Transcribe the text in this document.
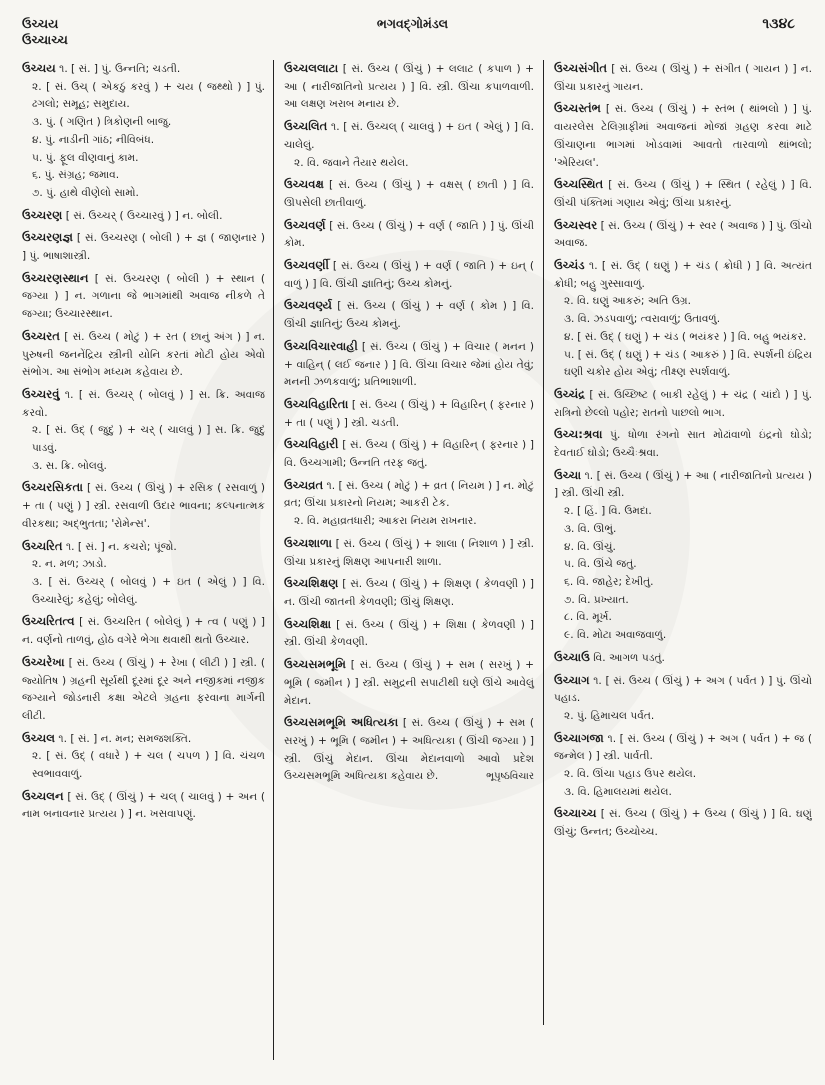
ઉચ્ચય
ઉચ્ચાચ્ચ
ભગવદ્ગોમંડલ	૧૩૪૮
ઉચ્ચય ૧. [ સં. ] પું. ઉન્નતિ; ચડતી.
૨. [ સં. ઉચ્ ( એકઠું કરવું ) + ચય ( જથ્થો ) ] પું. ઢગલો; સમૂહ; સમુદાય.
૩. પું. ( ગણિત ) ત્રિકોણની બાજુ.
૪. પું. નાડીની ગાંઠ; નીવિબંધ.
૫. પું. ફૂલ વીણવાનું કામ.
૬. પું. સંગ્રહ; જમાવ.
૭. પું. હાથે વીણેલો સામો.
ઉચ્ચરણ [ સં. ઉચ્ચર્ ( ઉચ્ચારવું ) ] ન. બોલી.
ઉચ્ચરણજ્ઞ [ સં. ઉચ્ચરણ ( બોલી ) + જ્ઞ ( જાણનાર ) ] પું. ભાષાશાસ્ત્રી.
ઉચ્ચરણસ્થાન [ સં. ઉચ્ચરણ ( બોલી ) + સ્થાન ( જગ્યા ) ] ન. ગળાના જે ભાગમાંથી અવાજ નીકળે તે જગ્યા; ઉચ્ચારસ્થાન.
ઉચ્ચરત [ સં. ઉચ્ચ ( મોટું ) + રત ( છાનું અંગ ) ] ન. પુરુષની જનનેંદ્રિય સ્ત્રીની યોનિ કરતાં મોટી હોય એવો સંભોગ. આ સંભોગ મધ્યમ કહેવાય છે.
ઉચ્ચરવું ૧. [ સં. ઉચ્ચર્ ( બોલવું ) ] સ. ક્રિ. અવાજ કરવો.
૨. [ સં. ઉદ્ ( જુદું ) + ચર્ ( ચાલવું ) ] સ. ક્રિ. જુદું પાડવું.
૩. સ. ક્રિ. બોલવું.
ઉચ્ચરસિકતા [ સં. ઉચ્ચ ( ઊંચું ) + રસિક ( રસવાળું ) + તા ( પણું ) ] સ્ત્રી. રસવાળી ઉદાર ભાવના; કલ્પનાત્મક વીરકથા; અદ્ભુતતા; 'રોમેન્સ'.
ઉચ્ચરિત ૧. [ સં. ] ન. કચરો; પૂંજો.
૨. ન. મળ; ઝાડો.
૩. [ સં. ઉચ્ચર્ ( બોલવું ) + ઇત ( એલું ) ] વિ. ઉચ્ચારેલું; કહેલું; બોલેલું.
ઉચ્ચરિતત્વ [ સં. ઉચ્ચરિત ( બોલેલું ) + ત્વ ( પણું ) ] ન. વર્ણનો તાળવું, હોઠ વગેરે ભેગા થવાથી થતો ઉચ્ચાર.
ઉચ્ચરેખા [ સં. ઉચ્ચ ( ઊંચું ) + રેખા ( લીટી ) ] સ્ત્રી. ( જ્યોતિષ ) ગ્રહની સૂર્યથી દૂરમાં દૂર અને નજીકમાં નજીક જગ્યાને જોડનારી કક્ષા એટલે ગ્રહના ફરવાના માર્ગની લીટી.
ઉચ્ચલ ૧. [ સં. ] ન. મન; સમજશક્તિ.
૨. [ સં. ઉદ્ ( વધારે ) + ચલ ( ચપળ ) ] વિ. ચંચળ સ્વભાવવાળું.
ઉચ્ચલન [ સં. ઉદ્ ( ઊંચું ) + ચલ્ ( ચાલવું ) + અન ( નામ બનાવનાર પ્રત્યય ) ] ન. ખસવાપણું.
ઉચ્ચલલાટા [ સં. ઉચ્ચ ( ઊંચું ) + લલાટ ( કપાળ ) + આ ( નારીજાતિનો પ્રત્યય ) ] વિ. સ્ત્રી. ઊંચા કપાળવાળી. આ લક્ષણ ખરાબ મનાય છે.
ઉચ્ચલિત ૧. [ સં. ઉચ્ચલ્ ( ચાલવું ) + ઇત ( એલું ) ] વિ. ચાલેલું.
૨. વિ. જવાને તૈયાર થયેલ.
ઉચ્ચવક્ષ [ સં. ઉચ્ચ ( ઊંચું ) + વક્ષસ્ ( છાતી ) ] વિ. ઊપસેલી છાતીવાળું.
ઉચ્ચવર્ણ [ સં. ઉચ્ચ ( ઊંચું ) + વર્ણ ( જાતિ ) ] પું. ઊંચી કોમ.
ઉચ્ચવર્ણી [ સં. ઉચ્ચ ( ઊંચું ) + વર્ણ ( જાતિ ) + ઇન્ ( વાળું ) ] વિ. ઊંચી જ્ઞાતિનું; ઉચ્ચ કોમનું.
ઉચ્ચવર્ણ્ય [ સં. ઉચ્ચ ( ઊંચું ) + વર્ણ ( કોમ ) ] વિ. ઊંચી જ્ઞાતિનું; ઉચ્ચ કોમનું.
ઉચ્ચવિચારવાહી [ સં. ઉચ્ચ ( ઊંચું ) + વિચાર ( મનન ) + વાહિન્ ( લઈ જનાર ) ] વિ. ઊંચા વિચાર જેમાં હોય તેવું; મનની ઝળકવાળું; પ્રતિભાશાળી.
ઉચ્ચવિહારિતા [ સં. ઉચ્ચ ( ઊંચું ) + વિહારિન્ ( ફરનાર ) + તા ( પણું ) ] સ્ત્રી. ચડતી.
ઉચ્ચવિહારી [ સં. ઉચ્ચ ( ઊંચું ) + વિહારિન્ ( ફરનાર ) ] વિ. ઉચ્ચગામી; ઉન્નતિ તરફ જતું.
ઉચ્ચવ્રત ૧. [ સં. ઉચ્ચ ( મોટું ) + વ્રત ( નિયમ ) ] ન. મોટું વ્રત; ઊંચા પ્રકારનો નિયમ; આકરી ટેક.
૨. વિ. મહાવ્રતધારી; આકરા નિયમ રાખનાર.
ઉચ્ચશાળા [ સં. ઉચ્ચ ( ઊંચું ) + શાલા ( નિશાળ ) ] સ્ત્રી. ઊંચા પ્રકારનું શિક્ષણ આપનારી શાળા.
ઉચ્ચશિક્ષણ [ સં. ઉચ્ચ ( ઊંચું ) + શિક્ષણ ( કેળવણી ) ] ન. ઊંચી જાતની કેળવણી; ઊંચું શિક્ષણ.
ઉચ્ચશિક્ષા [ સં. ઉચ્ચ ( ઊંચું ) + શિક્ષા ( કેળવણી ) ] સ્ત્રી. ઊંચી કેળવણી.
ઉચ્ચસમભૂમિ [ સં. ઉચ્ચ ( ઊંચું ) + સમ ( સરખું ) + ભૂમિ ( જમીન ) ] સ્ત્રી. સમુદ્રની સપાટીથી ઘણે ઊંચે આવેલું મેદાન.
ઉચ્ચસમભૂમિ અધિત્યકા [ સં. ઉચ્ચ ( ઊંચું ) + સમ ( સરખું ) + ભૂમિ ( જમીન ) + અધિત્યકા ( ઊંચી જગ્યા ) ] સ્ત્રી. ઊંચું મેદાન. ઊંચા મેદાનવાળો આવો પ્રદેશ ઉચ્ચસમભૂમિ અધિત્યકા કહેવાય છે.	ભૂપૃષ્ઠવિચાર
ઉચ્ચસંગીત [ સં. ઉચ્ચ ( ઊંચું ) + સંગીત ( ગાયન ) ] ન. ઊંચા પ્રકારનું ગાયન.
ઉચ્ચસ્તંભ [ સં. ઉચ્ચ ( ઊંચું ) + સ્તંભ ( થાંભલો ) ] પું. વાયરલેસ ટેલિગ્રાફીમાં અવાજનાં મોજાં ગ્રહણ કરવા માટે ઊંચાણના ભાગમાં ખોડવામાં આવતો તારવાળો થાંભલો; 'એરિયલ'.
ઉચ્ચસ્થિત [ સં. ઉચ્ચ ( ઊંચું ) + સ્થિત ( રહેલું ) ] વિ. ઊંચી પંક્તિમાં ગણાય એવું; ઊંચા પ્રકારનું.
ઉચ્ચસ્વર [ સં. ઉચ્ચ ( ઊંચું ) + સ્વર ( અવાજ ) ] પું. ઊંચો અવાજ.
ઉચ્ચંડ ૧. [ સં. ઉદ્ ( ઘણું ) + ચંડ ( ક્રોધી ) ] વિ. અત્યંત ક્રોધી; બહુ ગુસ્સાવાળું.
૨. વિ. ઘણું આકરું; અતિ ઉગ્ર.
૩. વિ. ઝડપવાળું; ત્વરાવાળું; ઉતાવળું.
૪. [ સં. ઉદ્ ( ઘણું ) + ચંડ ( ભયંકર ) ] વિ. બહુ ભયંકર.
૫. [ સં. ઉદ્ ( ઘણું ) + ચંડ ( આકરું ) ] વિ. સ્પર્શની ઇંદ્રિય ઘણી ચકોર હોય એવું; તીક્ષ્ણ સ્પર્શવાળું.
ઉચ્ચંદ્ર [ સં. ઉચ્છિષ્ટ ( બાકી રહેલું ) + ચંદ્ર ( ચાંદો ) ] પું. રાત્રિનો છેલ્લો પહોર; રાતનો પાછલો ભાગ.
ઉચ્ચ:શ્રવા પું. ધોળા રંગનો સાત મોઢાંવાળો ઇંદ્રનો ઘોડો; દેવતાઈ ઘોડો; ઉચ્ચૈઃશ્રવા.
ઉચ્ચા ૧. [ સં. ઉચ્ચ ( ઊંચું ) + આ ( નારીજાતિનો પ્રત્યય ) ] સ્ત્રી. ઊંચી સ્ત્રી.
૨. [ હિં. ] વિ. ઉમદા.
૩. વિ. ઊભું.
૪. વિ. ઊંચું.
૫. વિ. ઊંચે જતું.
૬. વિ. જાહેર; દેખીતું.
૭. વિ. પ્રખ્યાત.
૮. વિ. મૂર્ખ.
૯. વિ. મોટા અવાજવાળું.
ઉચ્ચાઉ વિ. આગળ પડતું.
ઉચ્ચાગ ૧. [ સં. ઉચ્ચ ( ઊંચું ) + અગ ( પર્વત ) ] પું. ઊંચો પહાડ.
૨. પું. હિમાચલ પર્વત.
ઉચ્ચાગજા ૧. [ સં. ઉચ્ચ ( ઊંચું ) + અગ ( પર્વત ) + જ ( જન્મેલ ) ] સ્ત્રી. પાર્વતી.
૨. વિ. ઊંચા પહાડ ઉપર થયેલ.
૩. વિ. હિમાલયમાં થયેલ.
ઉચ્ચાચ્ચ [ સં. ઉચ્ચ ( ઊંચું ) + ઉચ્ચ ( ઊંચું ) ] વિ. ઘણું ઊંચું; ઉન્નત; ઉચ્ચોચ્ચ.
